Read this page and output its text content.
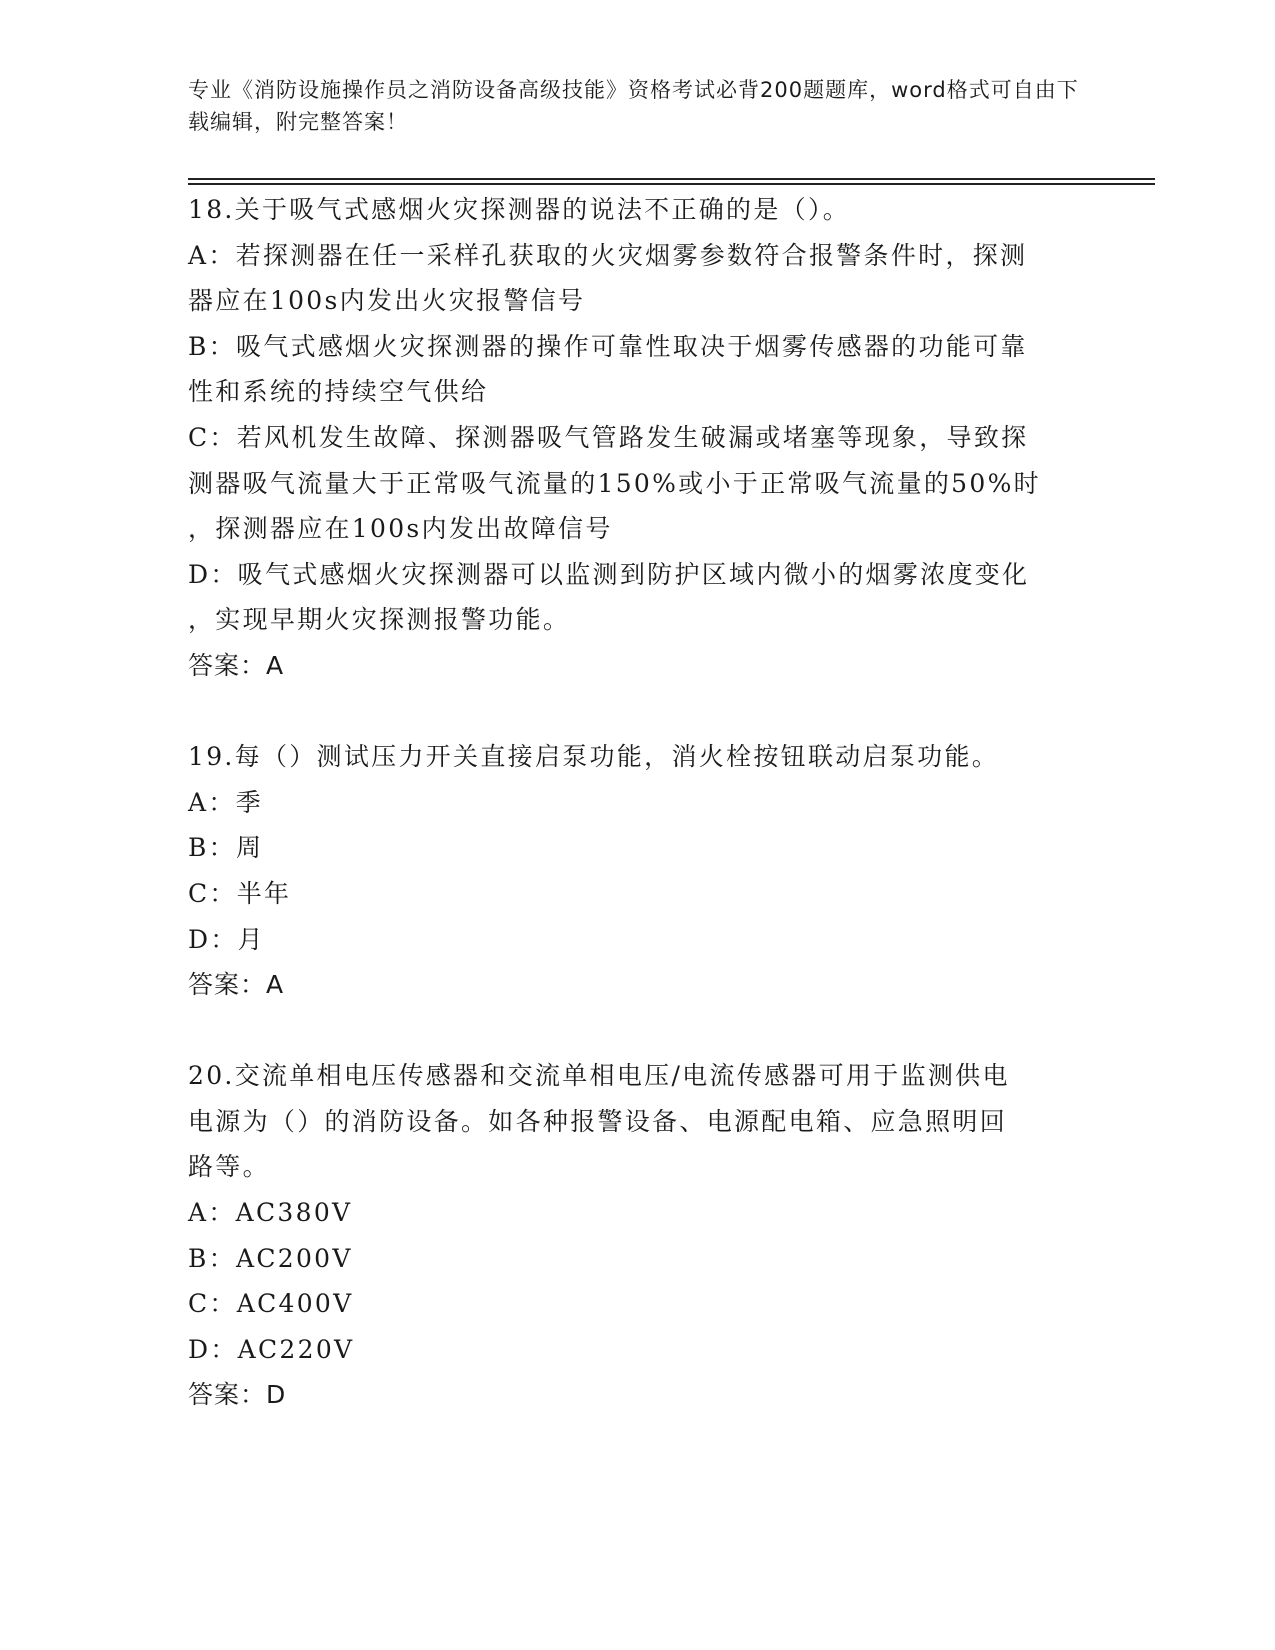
专业《消防设施操作员之消防设备高级技能》资格考试必背200题题库，word格式可自由下载编辑，附完整答案！
18.关于吸气式感烟火灾探测器的说法不正确的是（）。
A：若探测器在任一采样孔获取的火灾烟雾参数符合报警条件时，探测
器应在100s内发出火灾报警信号
B：吸气式感烟火灾探测器的操作可靠性取决于烟雾传感器的功能可靠
性和系统的持续空气供给
C：若风机发生故障、探测器吸气管路发生破漏或堵塞等现象，导致探
测器吸气流量大于正常吸气流量的150%或小于正常吸气流量的50%时
，探测器应在100s内发出故障信号
D：吸气式感烟火灾探测器可以监测到防护区域内微小的烟雾浓度变化
，实现早期火灾探测报警功能。
答案：A
19.每（）测试压力开关直接启泵功能，消火栓按钮联动启泵功能。
A：季
B：周
C：半年
D：月
答案：A
20.交流单相电压传感器和交流单相电压/电流传感器可用于监测供电
电源为（）的消防设备。如各种报警设备、电源配电箱、应急照明回
路等。
A：AC380V
B：AC200V
C：AC400V
D：AC220V
答案：D
